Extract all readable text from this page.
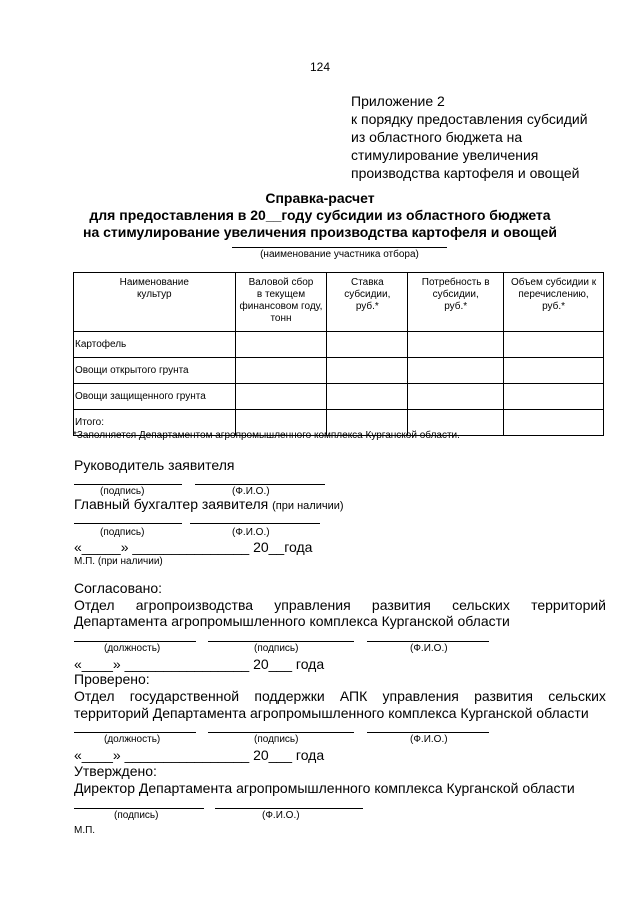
124
Приложение 2
к порядку предоставления субсидий
из областного бюджета на
стимулирование увеличения
производства картофеля и овощей
Справка-расчет
для предоставления в 20__году субсидии из областного бюджета
на стимулирование увеличения производства картофеля и овощей
(наименование участника отбора)
Наименование
культур	Валовой сбор
в текущем
финансовом году,
тонн	Ставка
субсидии,
руб.*	Потребность в
субсидии,
руб.*	Объем субсидии к
перечислению,
руб.*
Картофель				
Овощи открытого грунта				
Овощи защищенного грунта				
Итого:				
*Заполняется Департаментом агропромышленного комплекса Курганской области.
Руководитель заявителя
(подпись)	(Ф.И.О.)
Главный бухгалтер заявителя (при наличии)
(подпись)	(Ф.И.О.)
«_____» _______________ 20__года
М.П. (при наличии)
Согласовано:
Отдел агропроизводства управления развития сельских территорий
Департамента агропромышленного комплекса Курганской области
(должность)	(подпись)	(Ф.И.О.)
«____» ________________ 20___ года
Проверено:
Отдел государственной поддержки АПК управления развития сельских
территорий Департамента агропромышленного комплекса Курганской области
(должность)	(подпись)	(Ф.И.О.)
«____» ________________ 20___ года
Утверждено:
Директор Департамента агропромышленного комплекса Курганской области
(подпись)	(Ф.И.О.)
М.П.
